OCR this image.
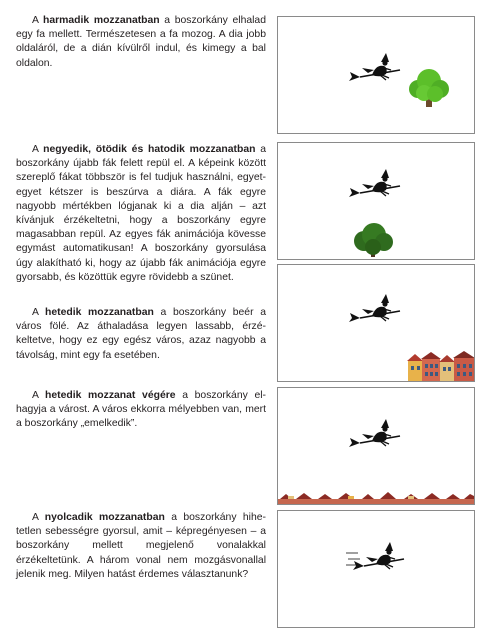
A harmadik mozzanatban a boszorkány elhalad egy fa mellett. Természetesen a fa mozog. A dia jobb oldaláról, de a dián kívülről indul, és kimegy a bal oldalon.

A negyedik, ötödik és hatodik mozzanatban a boszorkány újabb fák felett repül el. A képeink között szereplő fákat többször is fel tudjuk használni, egyet-egyet kétszer is beszúrva a diára. A fák egyre nagyobb mértékben lógjanak ki a dia alján – azt kívánjuk érzékeltetni, hogy a boszorkány egyre magasabban repül. Az egyes fák animációja kövesse egymást automatikusan! A boszorkány gyorsulása úgy alakítható ki, hogy az újabb fák animációja egyre gyorsabb, és közöttük egyre rövidebb a szünet.

A hetedik mozzanatban a boszorkány beér a város fölé. Az áthaladása legyen lassabb, érzékeltetve, hogy ez egy egész város, azaz nagyobb a távolság, mint egy fa esetében.

A hetedik mozzanat végére a boszorkány elhagyja a várost. A város ekkorra mélyebben van, mert a boszorkány „emelkedik”.

A nyolcadik mozzanatban a boszorkány hihetetlen sebességre gyorsul, amit – képregényesen – a boszorkány mellett megjelenő vonalakkal érzékeltetünk. A három vonal nem mozgásvonallal jelenik meg. Milyen hatást érdemes választanunk?
